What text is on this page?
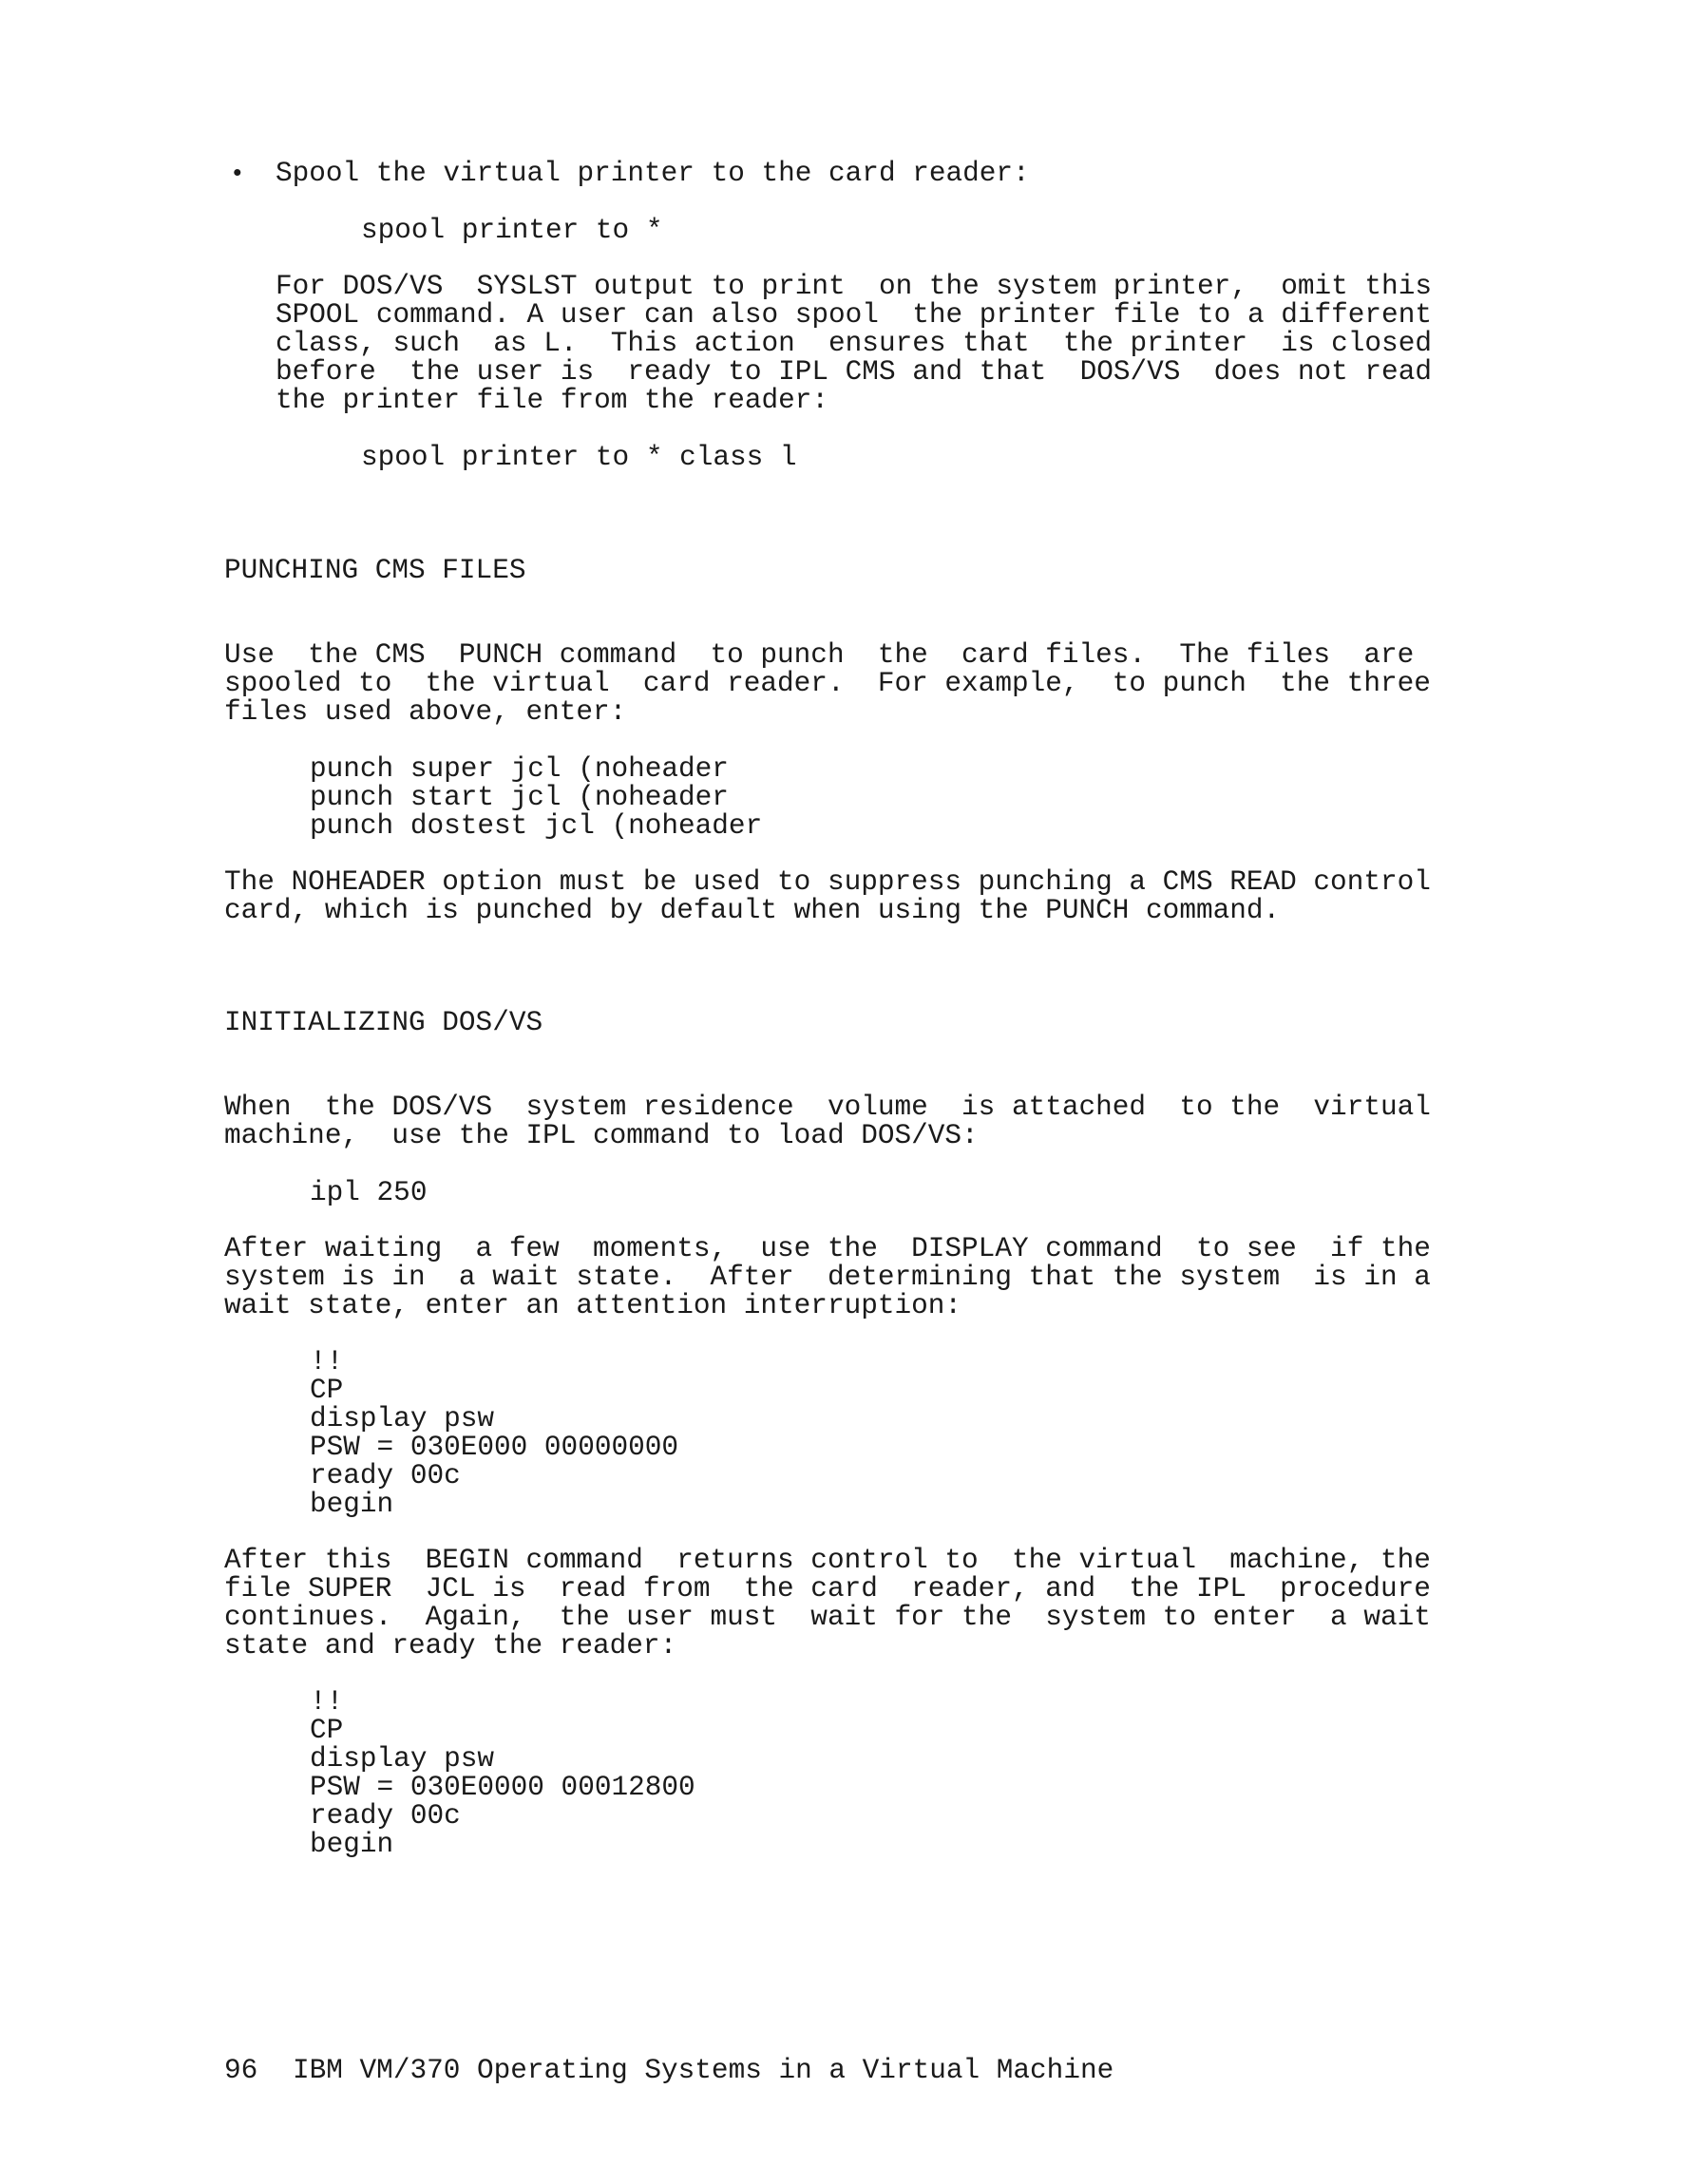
• Spool the virtual printer to the card reader:

spool printer to *

For DOS/VS  SYSLST output to print  on the system printer,  omit this

SPOOL command. A user can also spool  the printer file to a different

class, such  as L.  This action  ensures that  the printer  is closed

before  the user is  ready to IPL CMS and that  DOS/VS  does not read

the printer file from the reader:

spool printer to * class l

PUNCHING CMS FILES

Use  the CMS  PUNCH command  to punch  the  card files.  The files  are

spooled to  the virtual  card reader.  For example,  to punch  the three

files used above, enter:

punch super jcl (noheader

punch start jcl (noheader

punch dostest jcl (noheader

The NOHEADER option must be used to suppress punching a CMS READ control

card, which is punched by default when using the PUNCH command.

INITIALIZING DOS/VS

When  the DOS/VS  system residence  volume  is attached  to the  virtual

machine,  use the IPL command to load DOS/VS:

ipl 250

After waiting  a few  moments,  use the  DISPLAY command  to see  if the

system is in  a wait state.  After  determining that the system  is in a

wait state, enter an attention interruption:

!!

CP

display psw

PSW = 030E000 00000000

ready 00c

begin

After this  BEGIN command  returns control to  the virtual  machine, the

file SUPER  JCL is  read from  the card  reader, and  the IPL  procedure

continues.  Again,  the user must  wait for the  system to enter  a wait

state and ready the reader:

!!

CP

display psw

PSW = 030E0000 00012800

ready 00c

begin

96 IBM VM/370 Operating Systems in a Virtual Machine
